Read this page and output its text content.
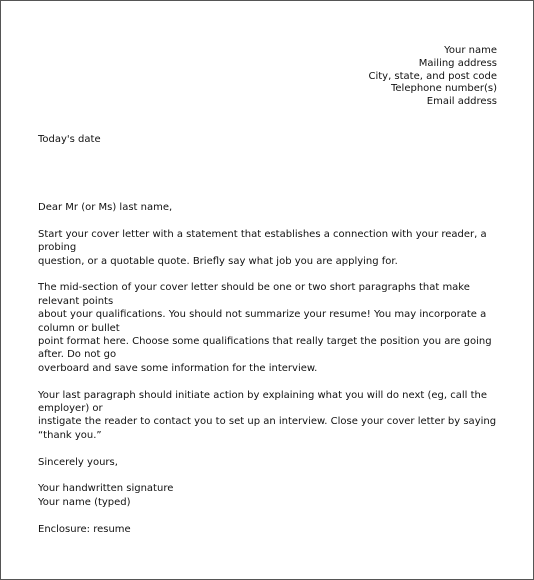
Your name
Mailing address
City, state, and post code
Telephone number(s)
Email address
Today's date

Dear Mr (or Ms) last name,

Start your cover letter with a statement that establishes a connection with your reader, a probing
question, or a quotable quote. Briefly say what job you are applying for.

The mid-section of your cover letter should be one or two short paragraphs that make relevant points
about your qualifications. You should not summarize your resume! You may incorporate a column or bullet
point format here. Choose some qualifications that really target the position you are going after. Do not go
overboard and save some information for the interview.

Your last paragraph should initiate action by explaining what you will do next (eg, call the employer) or
instigate the reader to contact you to set up an interview. Close your cover letter by saying “thank you.”

Sincerely yours,

Your handwritten signature

Your name (typed)

Enclosure: resume
